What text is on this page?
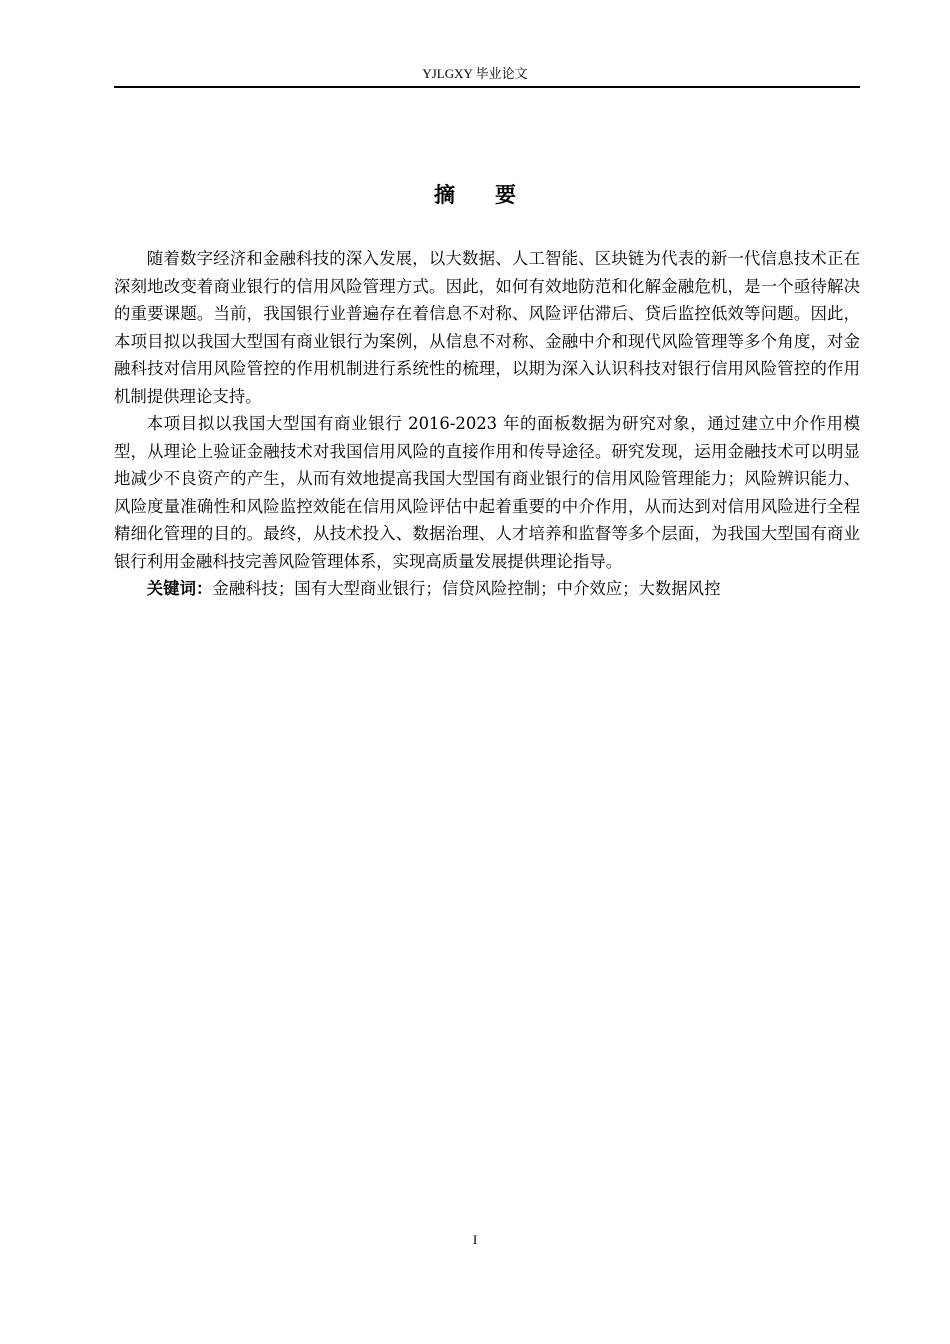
YJLGXY 毕业论文
摘要

随着数字经济和金融科技的深入发展，以大数据、人工智能、区块链为代表的新一代信息技术正在深刻地改变着商业银行的信用风险管理方式。因此，如何有效地防范和化解金融危机，是一个亟待解决的重要课题。当前，我国银行业普遍存在着信息不对称、风险评估滞后、贷后监控低效等问题。因此，本项目拟以我国大型国有商业银行为案例，从信息不对称、金融中介和现代风险管理等多个角度，对金融科技对信用风险管控的作用机制进行系统性的梳理，以期为深入认识科技对银行信用风险管控的作用机制提供理论支持。

本项目拟以我国大型国有商业银行 2016-2023 年的面板数据为研究对象，通过建立中介作用模型，从理论上验证金融技术对我国信用风险的直接作用和传导途径。研究发现，运用金融技术可以明显地减少不良资产的产生，从而有效地提高我国大型国有商业银行的信用风险管理能力；风险辨识能力、风险度量准确性和风险监控效能在信用风险评估中起着重要的中介作用，从而达到对信用风险进行全程精细化管理的目的。最终，从技术投入、数据治理、人才培养和监督等多个层面，为我国大型国有商业银行利用金融科技完善风险管理体系，实现高质量发展提供理论指导。

关键词：金融科技；国有大型商业银行；信贷风险控制；中介效应；大数据风控

I
